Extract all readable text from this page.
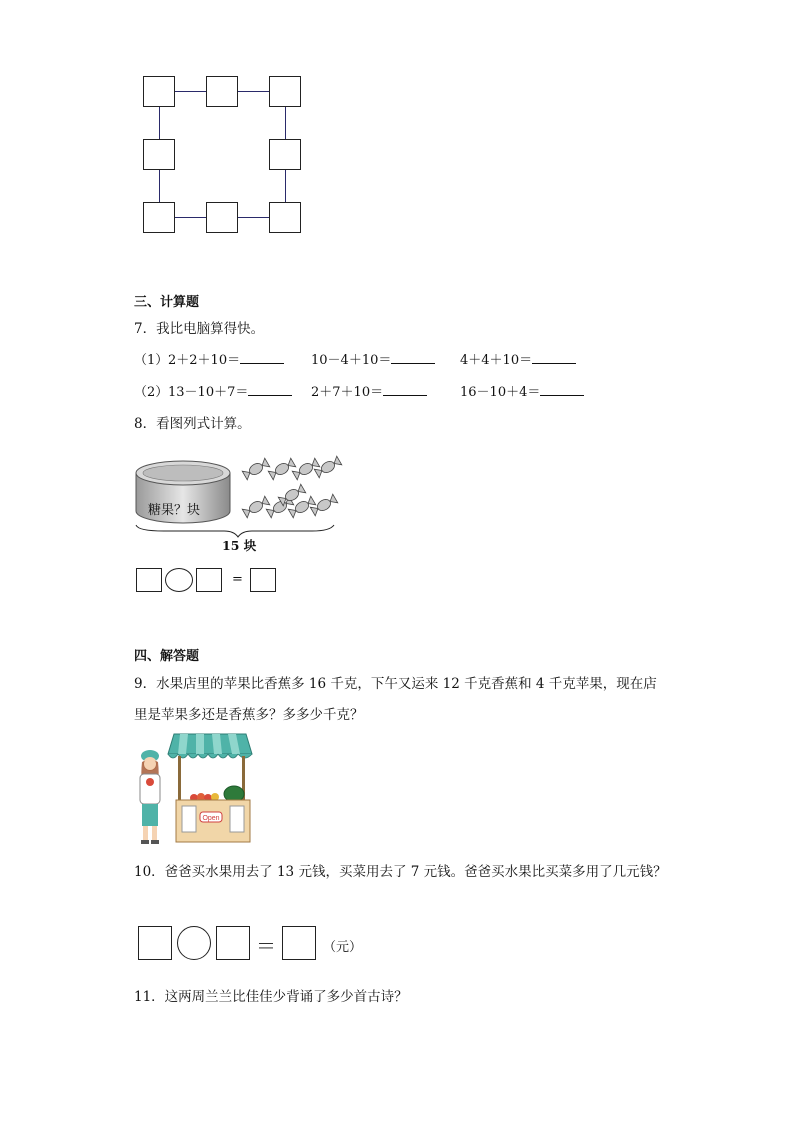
三、计算题
7．我比电脑算得快。
（1） 2＋2＋10＝	10－4＋10＝	4＋4＋10＝
（2） 13－10＋7＝	2＋7＋10＝	16－10＋4＝
8．看图列式计算。
糖果？块
15 块
=
四、解答题
9．水果店里的苹果比香蕉多 16 千克，下午又运来 12 千克香蕉和 4 千克苹果，现在店
里是苹果多还是香蕉多？多多少千克？
Open
10．爸爸买水果用去了 13 元钱，买菜用去了 7 元钱。爸爸买水果比买菜多用了几元钱？
＝	（元）
11．这两周兰兰比佳佳少背诵了多少首古诗？
